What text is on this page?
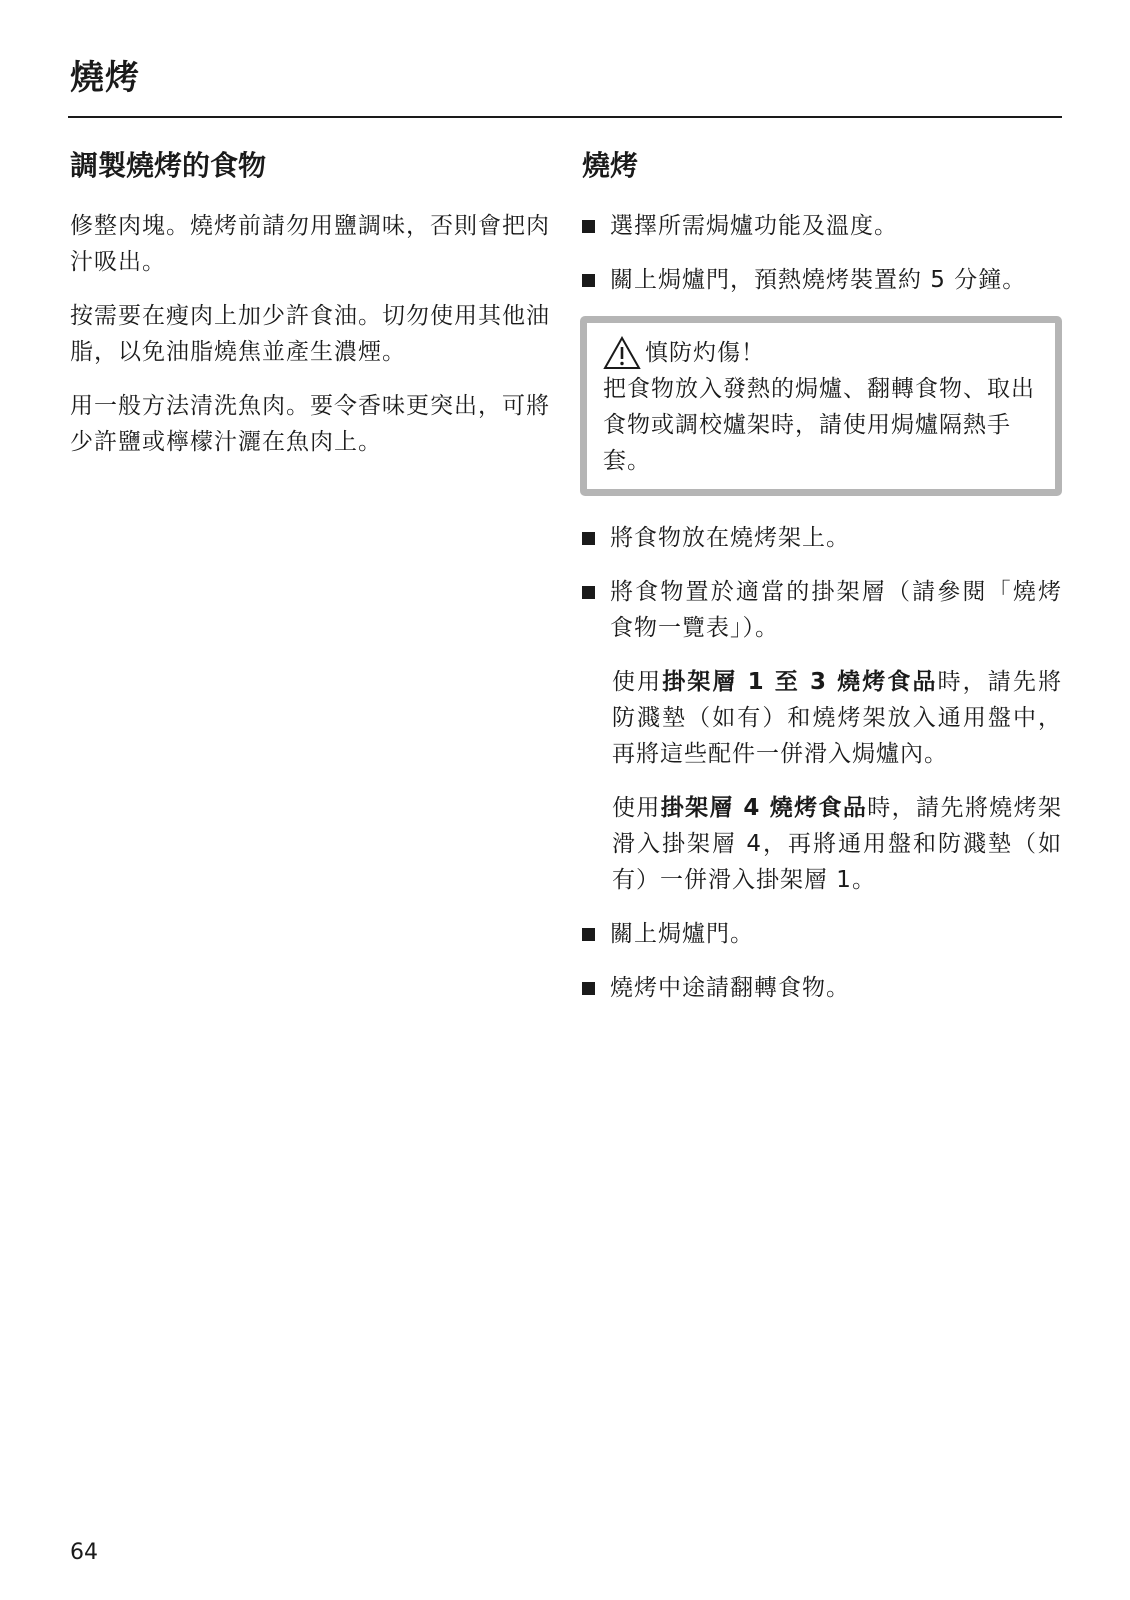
燒烤
調製燒烤的食物

修整肉塊。燒烤前請勿用鹽調味，否則會把肉汁吸出。

按需要在瘦肉上加少許食油。切勿使用其他油脂，以免油脂燒焦並產生濃煙。

用一般方法清洗魚肉。要令香味更突出，可將少許鹽或檸檬汁灑在魚肉上。

燒烤
選擇所需焗爐功能及溫度。
關上焗爐門，預熱燒烤裝置約 5 分鐘。
慎防灼傷！
把食物放入發熱的焗爐、翻轉食物、取出食物或調校爐架時，請使用焗爐隔熱手套。
將食物放在燒烤架上。
將食物置於適當的掛架層（請參閱「燒烤食物一覽表」）。

使用掛架層 1 至 3 燒烤食品時，請先將防濺墊（如有）和燒烤架放入通用盤中，再將這些配件一併滑入焗爐內。

使用掛架層 4 燒烤食品時，請先將燒烤架滑入掛架層 4，再將通用盤和防濺墊（如有）一併滑入掛架層 1。

關上焗爐門。
燒烤中途請翻轉食物。
64
